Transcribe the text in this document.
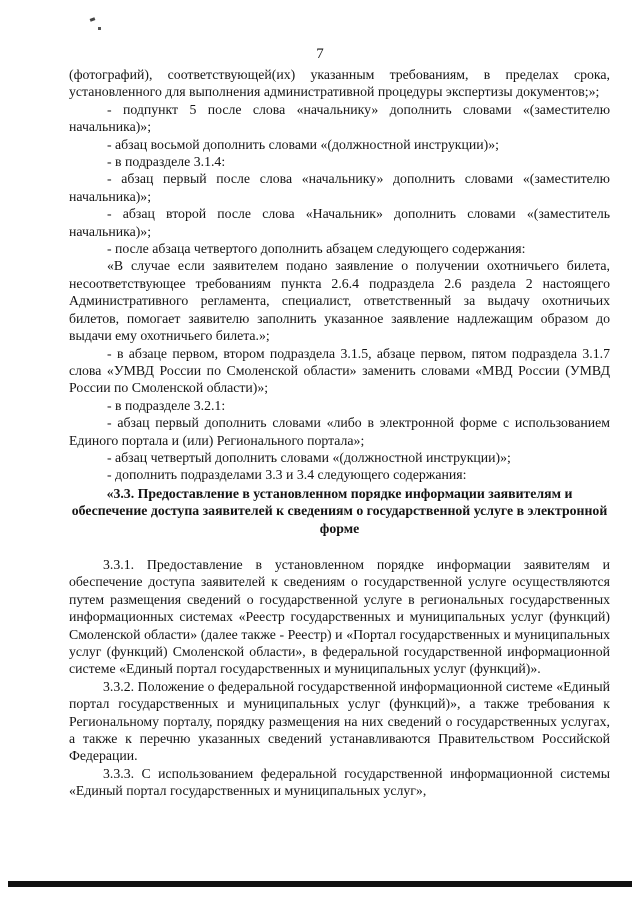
7

(фотографий), соответствующей(их) указанным требованиям, в пределах срока, установленного для выполнения административной процедуры экспертизы документов;»;

- подпункт 5 после слова «начальнику» дополнить словами «(заместителю начальника)»;

- абзац восьмой дополнить словами «(должностной инструкции)»;

- в подразделе 3.1.4:

- абзац первый после слова «начальнику» дополнить словами «(заместителю начальника)»;

- абзац второй после слова «Начальник» дополнить словами «(заместитель начальника)»;

- после абзаца четвертого дополнить абзацем следующего содержания:

«В случае если заявителем подано заявление о получении охотничьего билета, несоответствующее требованиям пункта 2.6.4 подраздела 2.6 раздела 2 настоящего Административного регламента, специалист, ответственный за выдачу охотничьих билетов, помогает заявителю заполнить указанное заявление надлежащим образом до выдачи ему охотничьего билета.»;

- в абзаце первом, втором подраздела 3.1.5, абзаце первом, пятом подраздела 3.1.7 слова «УМВД России по Смоленской области» заменить словами «МВД России (УМВД России по Смоленской области)»;

- в подразделе 3.2.1:

- абзац первый дополнить словами «либо в электронной форме с использованием Единого портала и (или) Регионального портала»;

- абзац четвертый дополнить словами «(должностной инструкции)»;

- дополнить подразделами 3.3 и 3.4 следующего содержания:

«3.3. Предоставление в установленном порядке информации заявителям и обеспечение доступа заявителей к сведениям о государственной услуге в электронной форме

3.3.1. Предоставление в установленном порядке информации заявителям и обеспечение доступа заявителей к сведениям о государственной услуге осуществляются путем размещения сведений о государственной услуге в региональных государственных информационных системах «Реестр государственных и муниципальных услуг (функций) Смоленской области» (далее также - Реестр) и «Портал государственных и муниципальных услуг (функций) Смоленской области», в федеральной государственной информационной системе «Единый портал государственных и муниципальных услуг (функций)».

3.3.2. Положение о федеральной государственной информационной системе «Единый портал государственных и муниципальных услуг (функций)», а также требования к Региональному порталу, порядку размещения на них сведений о государственных услугах, а также к перечню указанных сведений устанавливаются Правительством Российской Федерации.

3.3.3. С использованием федеральной государственной информационной системы «Единый портал государственных и муниципальных услуг»,
